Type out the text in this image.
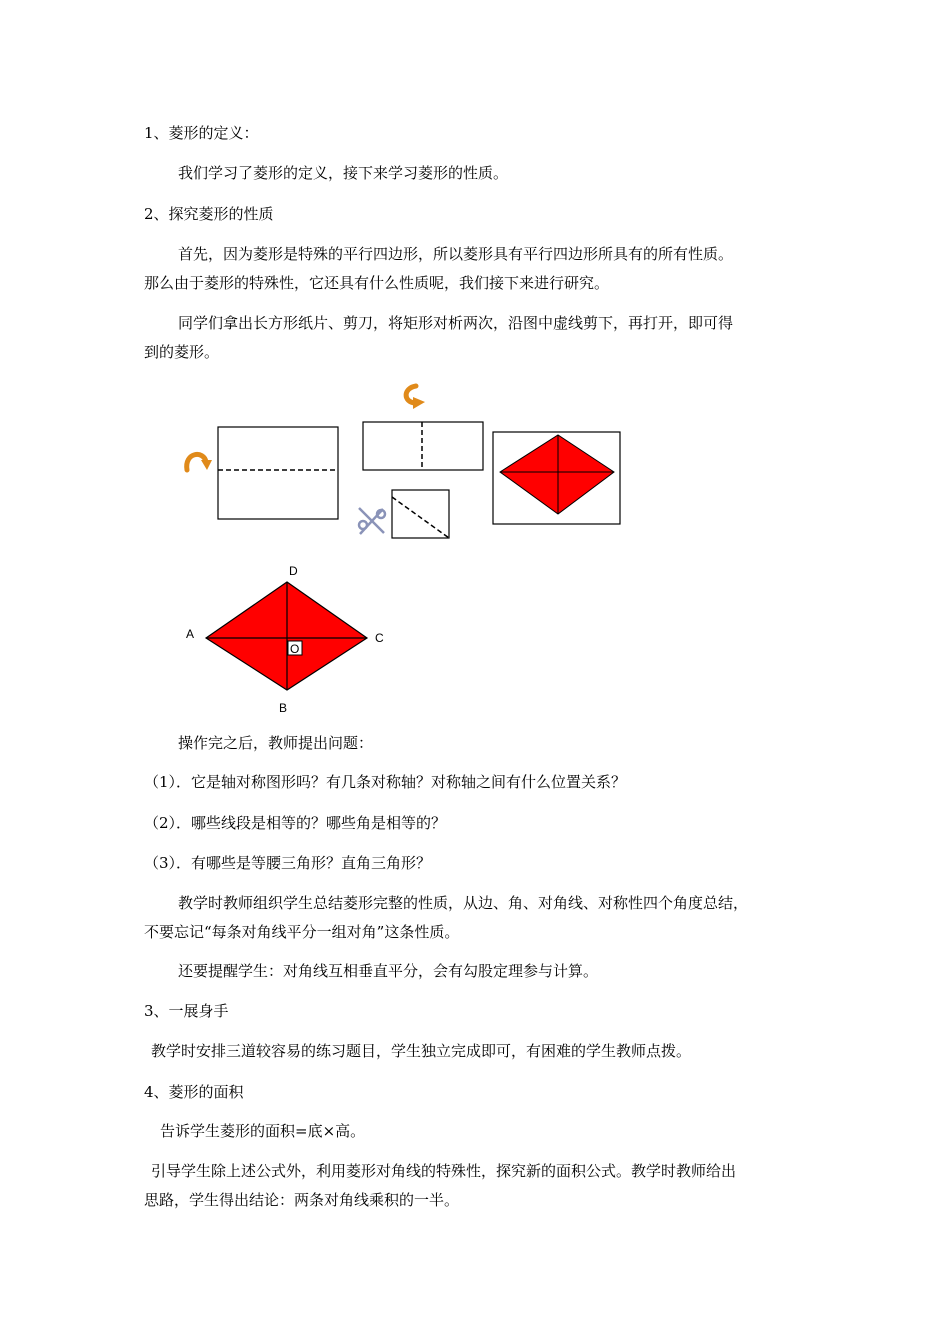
1、菱形的定义：

我们学习了菱形的定义，接下来学习菱形的性质。

2、探究菱形的性质

首先，因为菱形是特殊的平行四边形，所以菱形具有平行四边形所具有的所有性质。

那么由于菱形的特殊性，它还具有什么性质呢，我们接下来进行研究。

同学们拿出长方形纸片、剪刀，将矩形对析两次，沿图中虚线剪下，再打开，即可得

到的菱形。

D
A	C
O
B

操作完之后，教师提出问题：

（1）．它是轴对称图形吗？有几条对称轴？对称轴之间有什么位置关系？

（2）．哪些线段是相等的？哪些角是相等的？

（3）．有哪些是等腰三角形？直角三角形？

教学时教师组织学生总结菱形完整的性质，从边、角、对角线、对称性四个角度总结，

不要忘记“每条对角线平分一组对角”这条性质。

还要提醒学生：对角线互相垂直平分，会有勾股定理参与计算。

3、一展身手

教学时安排三道较容易的练习题目，学生独立完成即可，有困难的学生教师点拨。

4、菱形的面积

告诉学生菱形的面积=底×高。

引导学生除上述公式外，利用菱形对角线的特殊性，探究新的面积公式。教学时教师给出

思路，学生得出结论：两条对角线乘积的一半。
